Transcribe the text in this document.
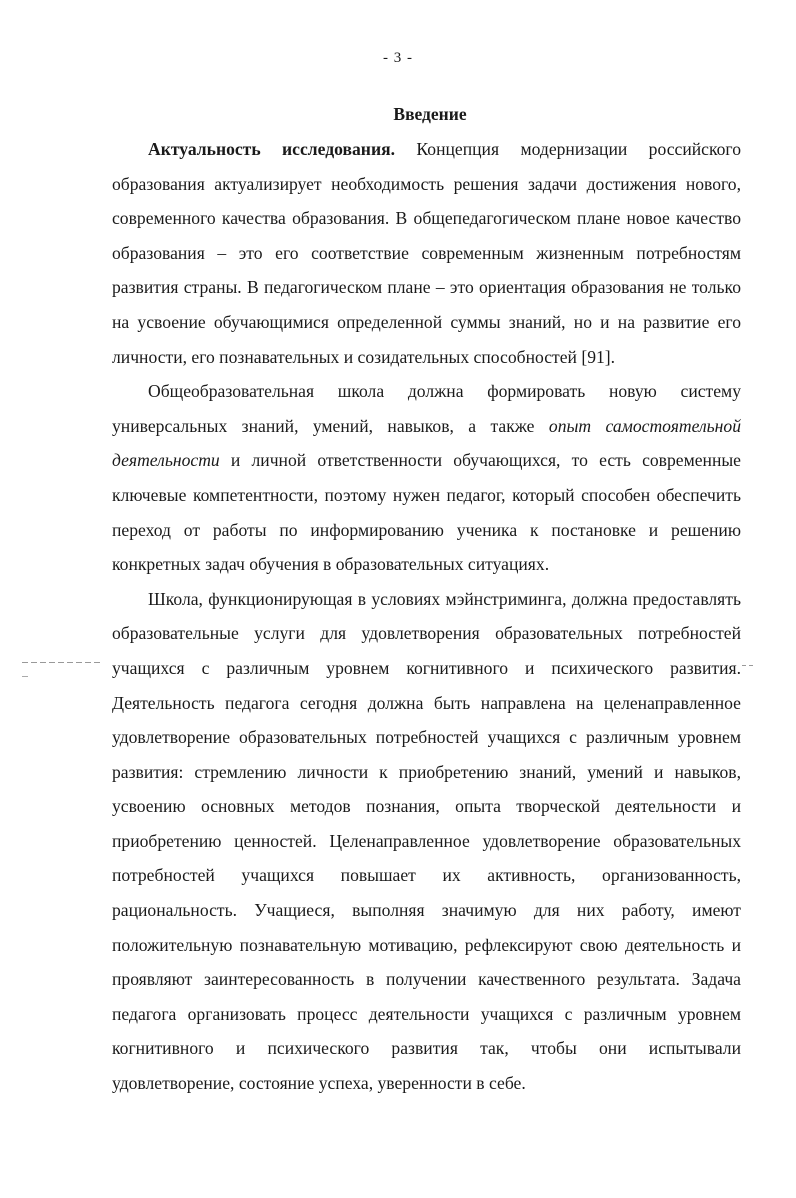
- 3 -
Введение

Актуальность исследования. Концепция модернизации российского образования актуализирует необходимость решения задачи достижения нового, современного качества образования. В общепедагогическом плане новое качество образования – это его соответствие современным жизненным потребностям развития страны. В педагогическом плане – это ориентация образования не только на усвоение обучающимися определенной суммы знаний, но и на развитие его личности, его познавательных и созидательных способностей [91].

Общеобразовательная школа должна формировать новую систему универсальных знаний, умений, навыков, а также опыт самостоятельной деятельности и личной ответственности обучающихся, то есть современные ключевые компетентности, поэтому нужен педагог, который способен обеспечить переход от работы по информированию ученика к постановке и решению конкретных задач обучения в образовательных ситуациях.

Школа, функционирующая в условиях мэйнстриминга, должна предоставлять образовательные услуги для удовлетворения образовательных потребностей учащихся с различным уровнем когнитивного и психического развития. Деятельность педагога сегодня должна быть направлена на целенаправленное удовлетворение образовательных потребностей учащихся с различным уровнем развития: стремлению личности к приобретению знаний, умений и навыков, усвоению основных методов познания, опыта творческой деятельности и приобретению ценностей. Целенаправленное удовлетворение образовательных потребностей учащихся повышает их активность, организованность, рациональность. Учащиеся, выполняя значимую для них работу, имеют положительную познавательную мотивацию, рефлексируют свою деятельность и проявляют заинтересованность в получении качественного результата. Задача педагога организовать процесс деятельности учащихся с различным уровнем когнитивного и психического развития так, чтобы они испытывали удовлетворение, состояние успеха, уверенности в себе.
